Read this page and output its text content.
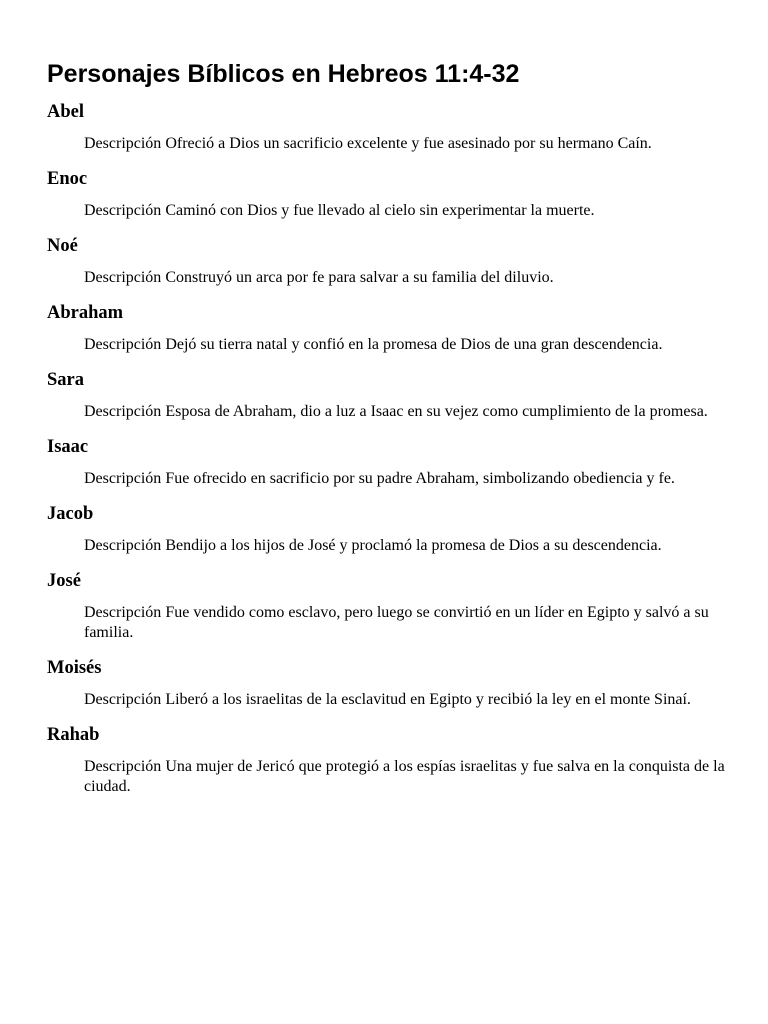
Personajes Bíblicos en Hebreos 11:4-32
Abel

Descripción Ofreció a Dios un sacrificio excelente y fue asesinado por su hermano Caín.

Enoc

Descripción Caminó con Dios y fue llevado al cielo sin experimentar la muerte.

Noé

Descripción Construyó un arca por fe para salvar a su familia del diluvio.

Abraham

Descripción Dejó su tierra natal y confió en la promesa de Dios de una gran descendencia.

Sara

Descripción Esposa de Abraham, dio a luz a Isaac en su vejez como cumplimiento de la promesa.

Isaac

Descripción Fue ofrecido en sacrificio por su padre Abraham, simbolizando obediencia y fe.

Jacob

Descripción Bendijo a los hijos de José y proclamó la promesa de Dios a su descendencia.

José

Descripción Fue vendido como esclavo, pero luego se convirtió en un líder en Egipto y salvó a su familia.

Moisés

Descripción Liberó a los israelitas de la esclavitud en Egipto y recibió la ley en el monte Sinaí.

Rahab

Descripción Una mujer de Jericó que protegió a los espías israelitas y fue salva en la conquista de la ciudad.
